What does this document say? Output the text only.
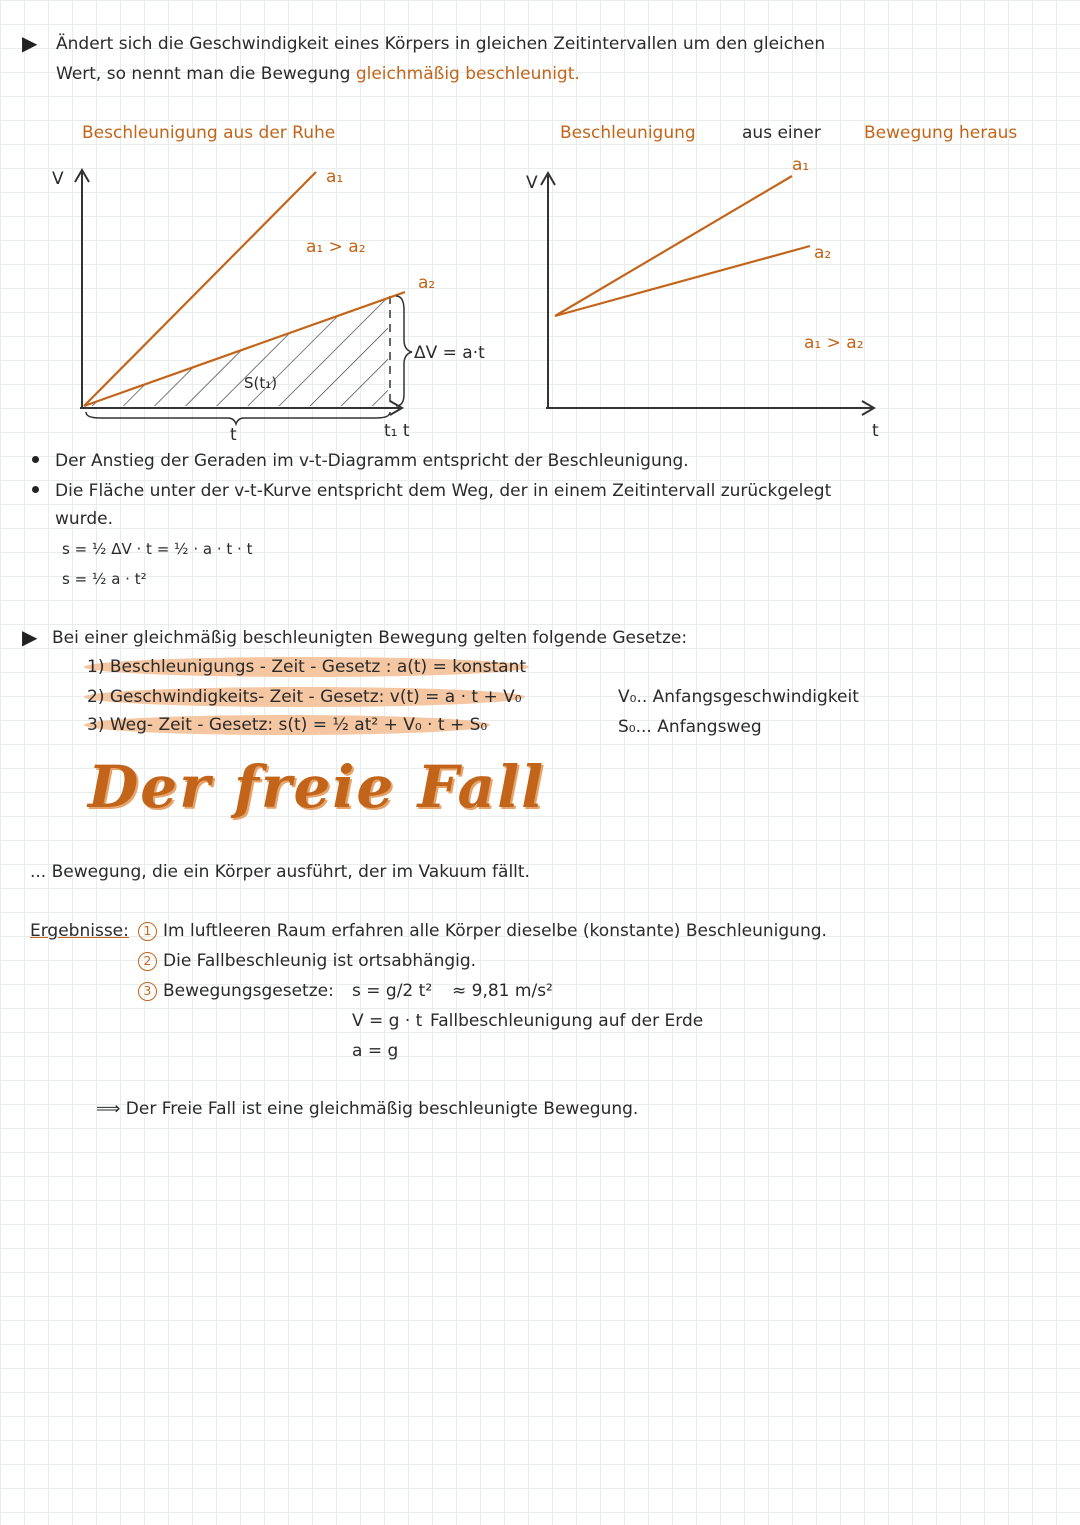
▶ Ändert sich die Geschwindigkeit eines Körpers in gleichen Zeitintervallen um den gleichen
Wert, so nennt man die Bewegung gleichmäßig beschleunigt.
Beschleunigung aus der Ruhe	Beschleunigung	aus einer	Bewegung heraus
V	a₁
a₁ > a₂
a₂
ΔV = a·t
S(t₁)
t	t₁ t
V
a₁
a₂
a₁ > a₂
t
Der Anstieg der Geraden im v-t-Diagramm entspricht der Beschleunigung.
Die Fläche unter der v-t-Kurve entspricht dem Weg, der in einem Zeitintervall zurückgelegt
wurde.
s = ½ ΔV · t = ½ · a · t · t
s = ½ a · t²
▶ Bei einer gleichmäßig beschleunigten Bewegung gelten folgende Gesetze:
1) Beschleunigungs - Zeit - Gesetz : a(t) = konstant
2) Geschwindigkeits- Zeit - Gesetz: v(t) = a · t + V₀
3) Weg- Zeit - Gesetz: s(t) = ½ at² + V₀ · t + S₀
V₀.. Anfangsgeschwindigkeit
S₀... Anfangsweg
Der freie Fall
... Bewegung, die ein Körper ausführt, der im Vakuum fällt.
Ergebnisse:	1 Im luftleeren Raum erfahren alle Körper dieselbe (konstante) Beschleunigung.
2 Die Fallbeschleunig ist ortsabhängig.
3 Bewegungsgesetze: s = g/2 t² ≈ 9,81 m/s²
V = g · t Fallbeschleunigung auf der Erde
a = g
⟹ Der Freie Fall ist eine gleichmäßig beschleunigte Bewegung.
